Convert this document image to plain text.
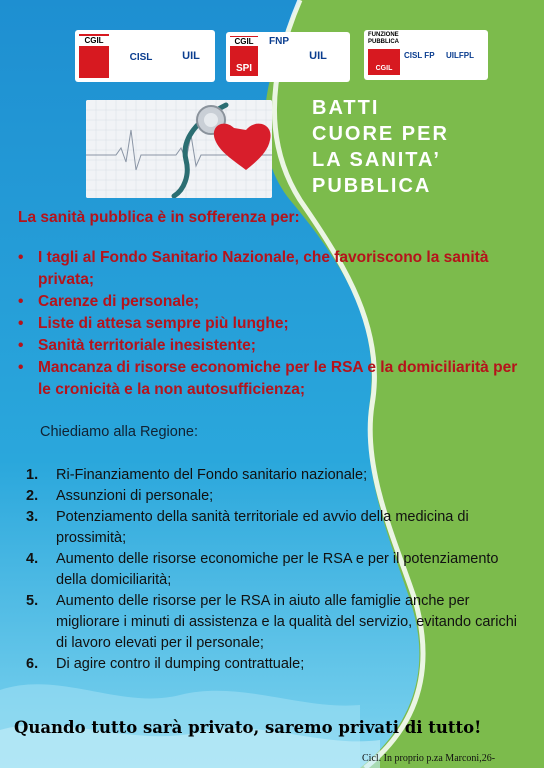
CGIL
CISL	UIL
CGIL
SPI
FNP
UIL
FUNZIONE
PUBBLICA
CGIL
CISL FP	UILFPL
BATTI
CUORE PER
LA SANITA’
PUBBLICA
La sanità pubblica è in sofferenza per:
• I tagli al Fondo Sanitario Nazionale, che favoriscono la sanità privata;
• Carenze di personale;
• Liste di attesa sempre più lunghe;
• Sanità territoriale inesistente;
• Mancanza di risorse economiche per le RSA e la domiciliarità per le cronicità e la non autosufficienza;
Chiediamo alla Regione:
1. Ri-Finanziamento del Fondo sanitario nazionale;
2. Assunzioni di personale;
3. Potenziamento della sanità territoriale ed avvio della medicina di prossimità;
4. Aumento delle risorse economiche per le RSA e per il potenziamento della domiciliarità;
5. Aumento delle risorse per le RSA in aiuto alle famiglie anche per migliorare i minuti di assistenza e la qualità del servizio, evitando carichi di lavoro elevati per il personale;
6. Di agire contro il dumping contrattuale;
Quando tutto sarà privato, saremo privati di tutto!
Cicl. In proprio p.za Marconi,26-
